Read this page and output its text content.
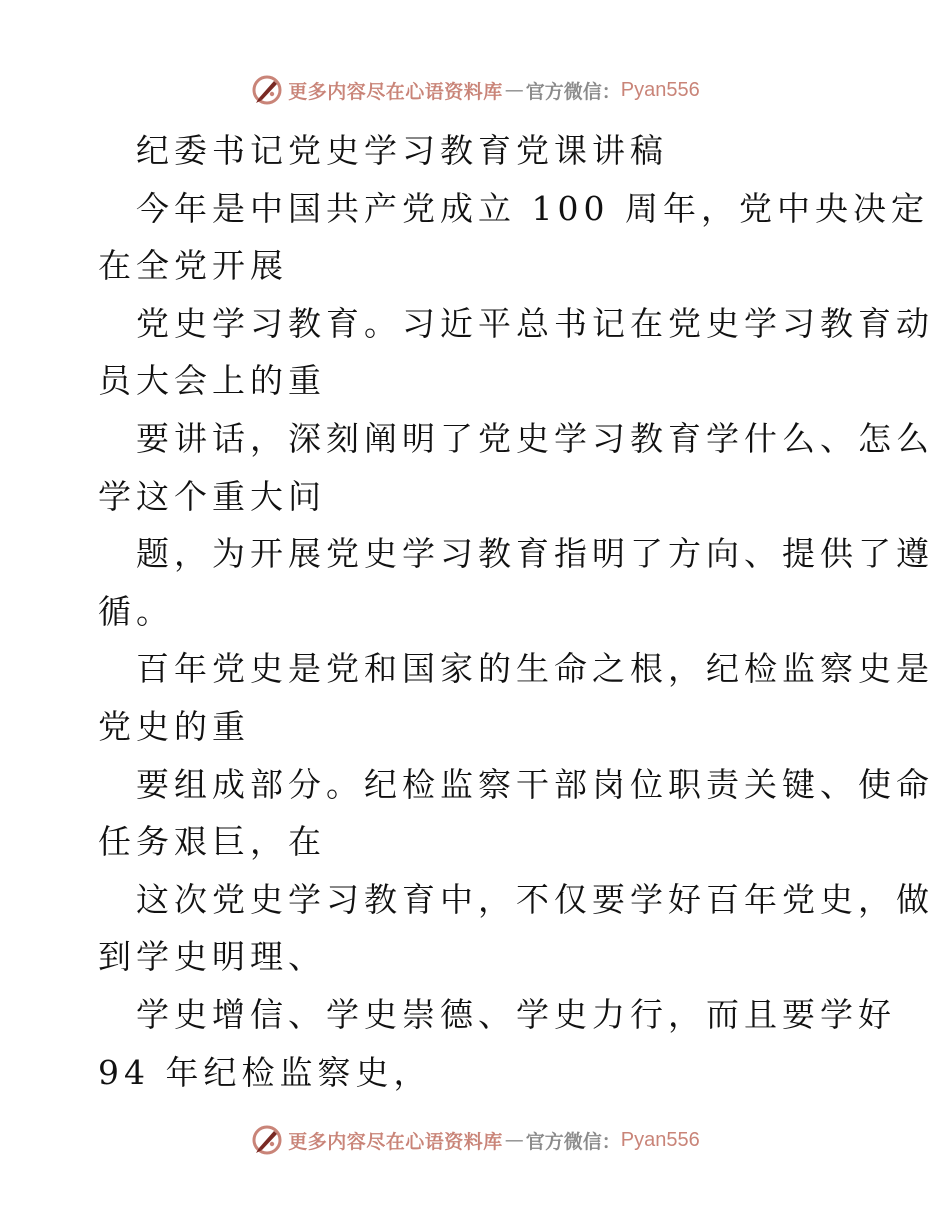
更多内容尽在心语资料库 — 官方微信： Pyan556
纪委书记党史学习教育党课讲稿
今年是中国共产党成立 100 周年，党中央决定
在全党开展
党史学习教育。习近平总书记在党史学习教育动
员大会上的重
要讲话，深刻阐明了党史学习教育学什么、怎么
学这个重大问
题，为开展党史学习教育指明了方向、提供了遵
循。
百年党史是党和国家的生命之根，纪检监察史是
党史的重
要组成部分。纪检监察干部岗位职责关键、使命
任务艰巨，在
这次党史学习教育中，不仅要学好百年党史，做
到学史明理、
学史增信、学史崇德、学史力行，而且要学好
94 年纪检监察史，
更多内容尽在心语资料库 — 官方微信： Pyan556
